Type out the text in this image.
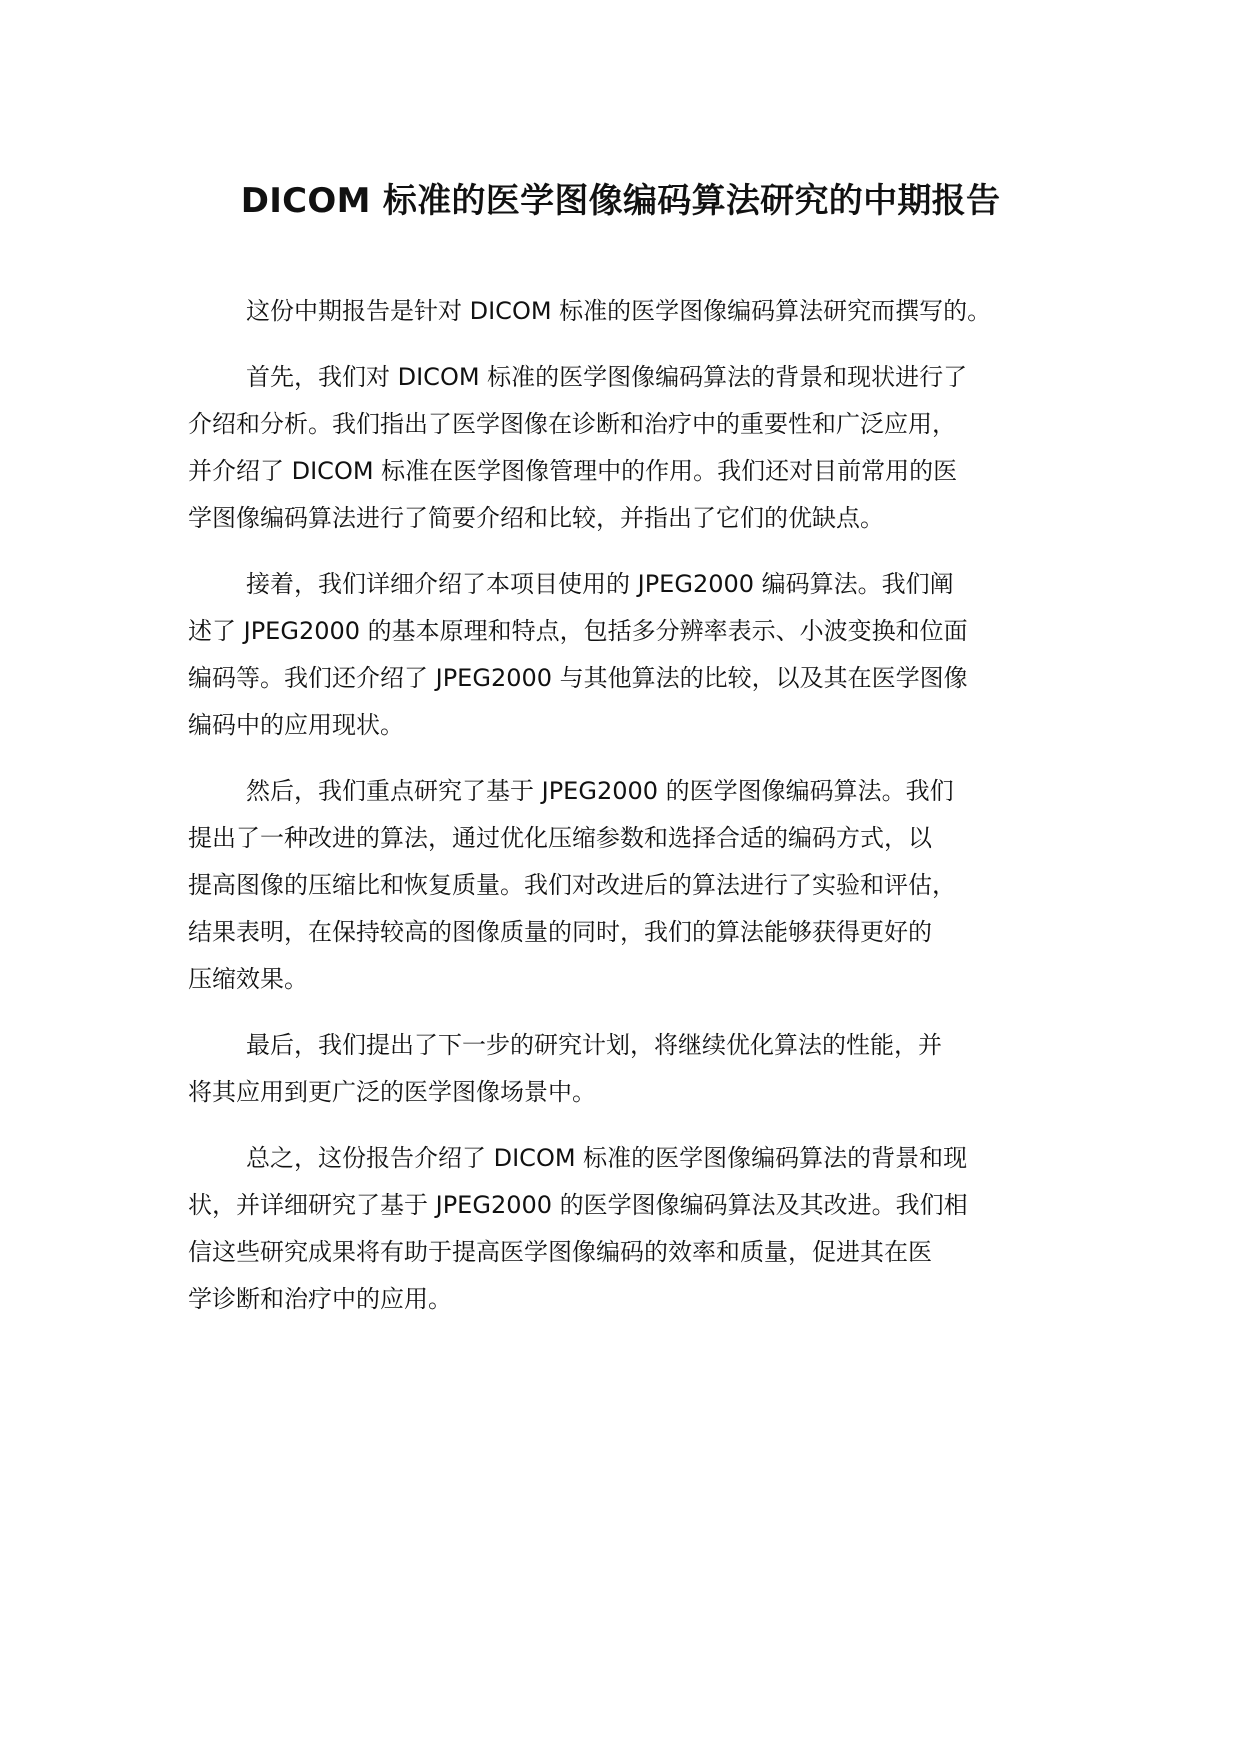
DICOM 标准的医学图像编码算法研究的中期报告

这份中期报告是针对 DICOM 标准的医学图像编码算法研究而撰写的。

首先，我们对 DICOM 标准的医学图像编码算法的背景和现状进行了
介绍和分析。我们指出了医学图像在诊断和治疗中的重要性和广泛应用，
并介绍了 DICOM 标准在医学图像管理中的作用。我们还对目前常用的医
学图像编码算法进行了简要介绍和比较，并指出了它们的优缺点。

接着，我们详细介绍了本项目使用的 JPEG2000 编码算法。我们阐
述了 JPEG2000 的基本原理和特点，包括多分辨率表示、小波变换和位面
编码等。我们还介绍了 JPEG2000 与其他算法的比较，以及其在医学图像
编码中的应用现状。

然后，我们重点研究了基于 JPEG2000 的医学图像编码算法。我们
提出了一种改进的算法，通过优化压缩参数和选择合适的编码方式，以
提高图像的压缩比和恢复质量。我们对改进后的算法进行了实验和评估，
结果表明，在保持较高的图像质量的同时，我们的算法能够获得更好的
压缩效果。

最后，我们提出了下一步的研究计划，将继续优化算法的性能，并
将其应用到更广泛的医学图像场景中。

总之，这份报告介绍了 DICOM 标准的医学图像编码算法的背景和现
状，并详细研究了基于 JPEG2000 的医学图像编码算法及其改进。我们相
信这些研究成果将有助于提高医学图像编码的效率和质量，促进其在医
学诊断和治疗中的应用。
